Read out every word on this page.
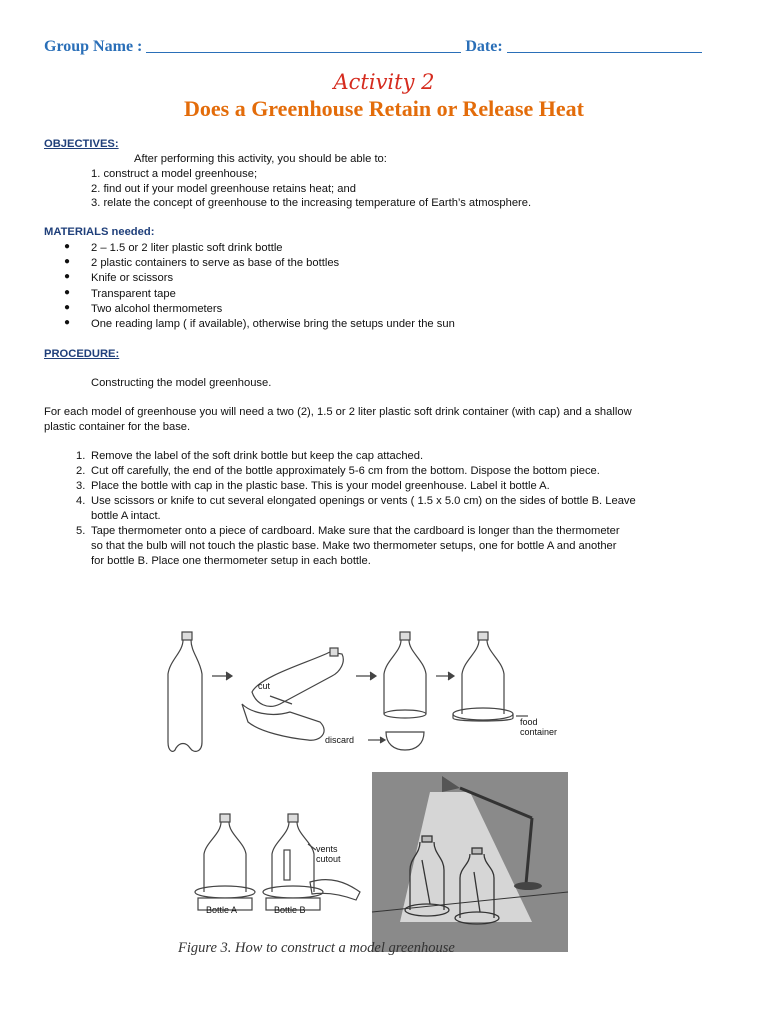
Group Name :	Date:
Activity 2
Does a Greenhouse Retain or Release Heat
OBJECTIVES:
After performing this activity, you should be able to:
1. construct a model greenhouse;
2. find out if your model greenhouse retains heat; and
3. relate the concept of greenhouse to the increasing temperature of Earth’s atmosphere.
MATERIALS needed:
●	2 – 1.5 or 2 liter plastic soft drink bottle
●	2 plastic containers to serve as base of the bottles
●	Knife or scissors
●	Transparent tape
●	Two alcohol thermometers
●	One reading lamp ( if available), otherwise bring the setups under the sun
PROCEDURE:
Constructing the model greenhouse.
For each model of greenhouse you will need a two (2), 1.5 or 2 liter plastic soft drink container (with cap) and a shallow
plastic container for the base.
1. Remove the label of the soft drink bottle but keep the cap attached.
2. Cut off carefully, the end of the bottle approximately 5-6 cm from the bottom. Dispose the bottom piece.
3. Place the bottle with cap in the plastic base. This is your model greenhouse. Label it bottle A.
4. Use scissors or knife to cut several elongated openings or vents ( 1.5 x 5.0 cm) on the sides of bottle B. Leave
bottle A intact.
5. Tape thermometer onto a piece of cardboard. Make sure that the cardboard is longer than the thermometer
so that the bulb will not touch the plastic base. Make two thermometer setups, one for bottle A and another
for bottle B. Place one thermometer setup in each bottle.
cut
discard
food container
vents cutout
Bottle A	Bottle B
Figure 3. How to construct a model greenhouse
